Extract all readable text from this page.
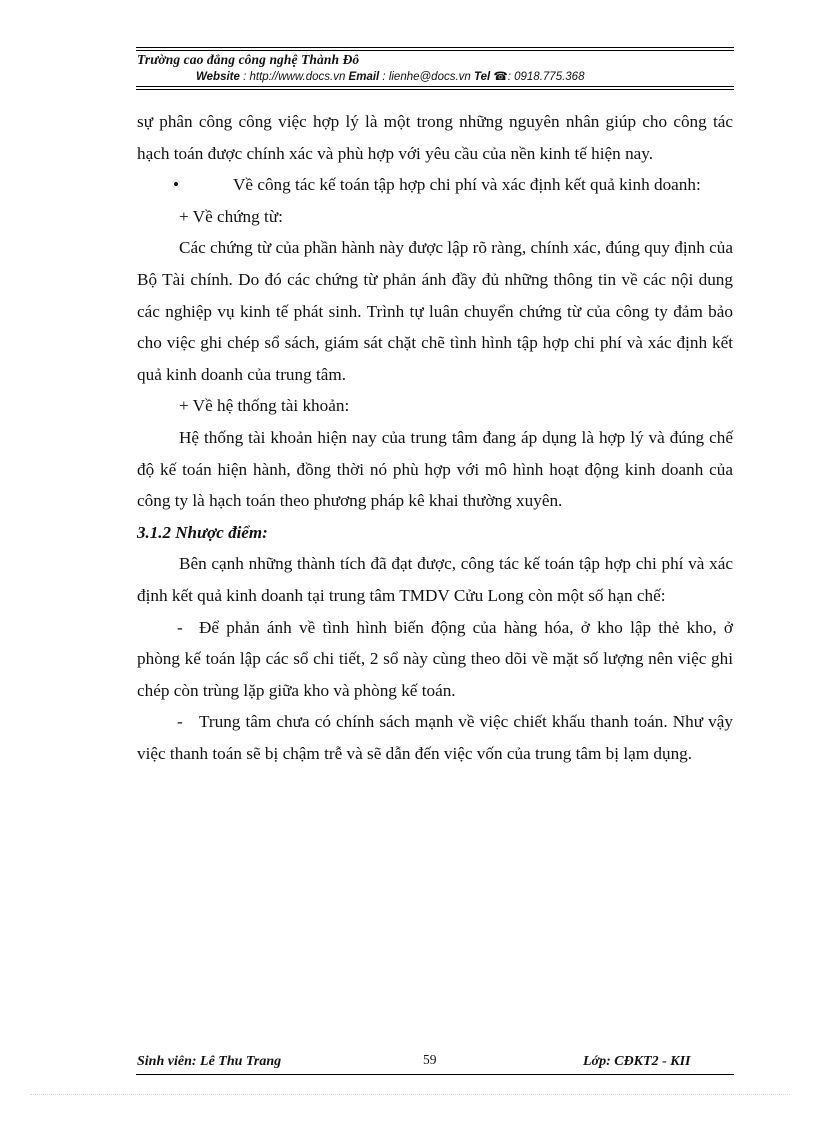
Trường cao đẳng công nghệ Thành Đô
Website : http://www.docs.vn Email : lienhe@docs.vn Tel ☎: 0918.775.368

sự phân công công việc hợp lý là một trong những nguyên nhân giúp cho công tác hạch toán được chính xác và phù hợp với yêu cầu của nền kinh tế hiện nay.

•	Về công tác kế toán tập hợp chi phí và xác định kết quả kinh doanh:

+ Về chứng từ:

Các chứng từ của phần hành này được lập rõ ràng, chính xác, đúng quy định của Bộ Tài chính. Do đó các chứng từ phản ánh đầy đủ những thông tin về các nội dung các nghiệp vụ kinh tế phát sinh. Trình tự luân chuyển chứng từ của công ty đảm bảo cho việc ghi chép sổ sách, giám sát chặt chẽ tình hình tập hợp chi phí và xác định kết quả kinh doanh của trung tâm.

+ Về hệ thống tài khoản:

Hệ thống tài khoản hiện nay của trung tâm đang áp dụng là hợp lý và đúng chế độ kế toán hiện hành, đồng thời nó phù hợp với mô hình hoạt động kinh doanh của công ty là hạch toán theo phương pháp kê khai thường xuyên.

3.1.2 Nhược điểm:

Bên cạnh những thành tích đã đạt được, công tác kế toán tập hợp chi phí và xác định kết quả kinh doanh tại trung tâm TMDV Cửu Long còn một số hạn chế:

- Để phản ánh về tình hình biến động của hàng hóa, ở kho lập thẻ kho, ở phòng kế toán lập các sổ chi tiết, 2 sổ này cùng theo dõi về mặt số lượng nên việc ghi chép còn trùng lặp giữa kho và phòng kế toán.

- Trung tâm chưa có chính sách mạnh về việc chiết khấu thanh toán. Như vậy việc thanh toán sẽ bị chậm trễ và sẽ dẫn đến việc vốn của trung tâm bị lạm dụng.

Sinh viên: Lê Thu Trang	59	Lớp: CĐKT2 - KII
